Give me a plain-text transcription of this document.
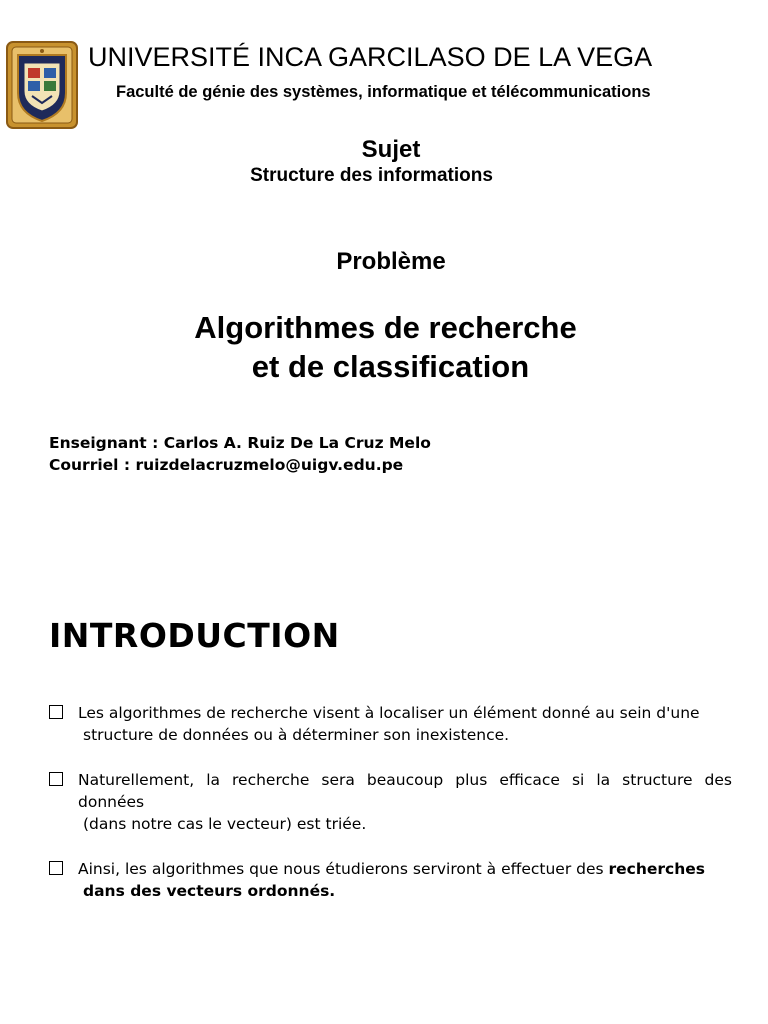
UNIVERSITÉ INCA GARCILASO DE LA VEGA
Faculté de génie des systèmes, informatique et télécommunications
Sujet
Structure des informations
Problème
Algorithmes de recherche
et de classification
Enseignant : Carlos A. Ruiz De La Cruz Melo
Courriel : ruizdelacruzmelo@uigv.edu.pe
INTRODUCTION
Les algorithmes de recherche visent à localiser un élément donné au sein d'une
structure de données ou à déterminer son inexistence.
Naturellement, la recherche sera beaucoup plus efficace si la structure des données
(dans notre cas le vecteur) est triée.
Ainsi, les algorithmes que nous étudierons serviront à effectuer des recherches
dans des vecteurs ordonnés.
